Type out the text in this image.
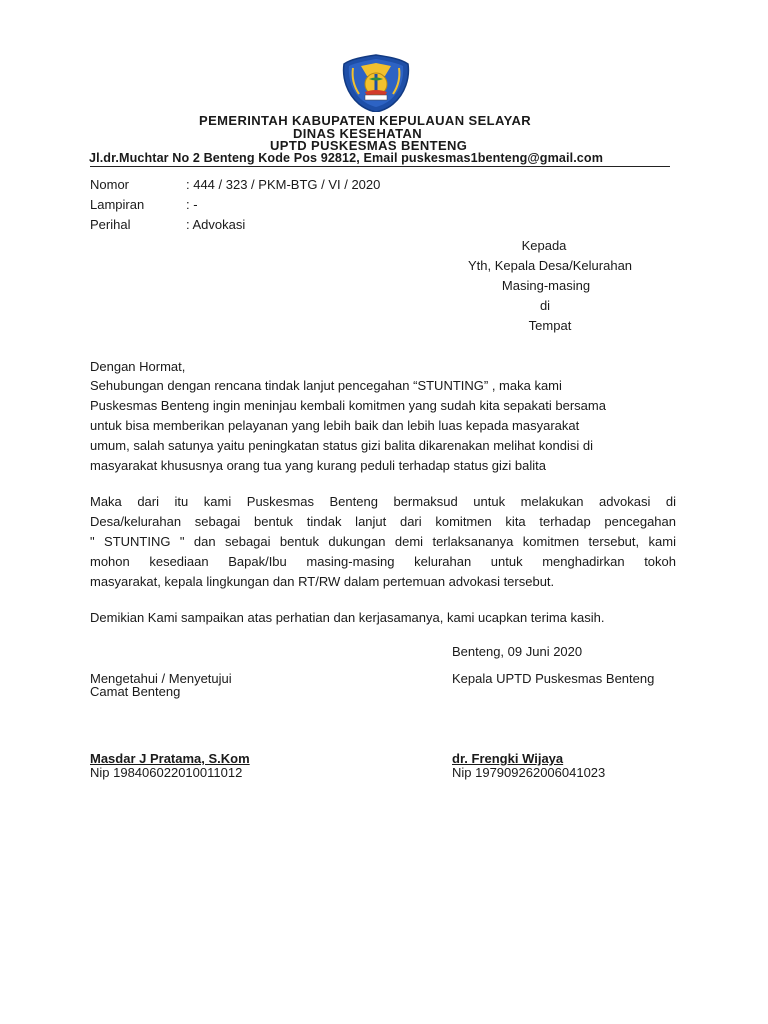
PEMERINTAH KABUPATEN KEPULAUAN SELAYAR
DINAS KESEHATAN
UPTD PUSKESMAS BENTENG
Jl.dr.Muchtar No 2 Benteng Kode Pos 92812, Email puskesmas1benteng@gmail.com
Nomor	: 444 / 323 / PKM-BTG / VI / 2020
Lampiran	: -
Perihal	: Advokasi
Kepada
Yth, Kepala Desa/Kelurahan
Masing-masing
di
Tempat
Dengan Hormat,
Sehubungan dengan rencana tindak lanjut pencegahan “STUNTING” , maka kami
Puskesmas Benteng ingin meninjau kembali komitmen yang sudah kita sepakati bersama
untuk bisa memberikan pelayanan yang lebih baik dan lebih luas kepada masyarakat
umum, salah satunya yaitu peningkatan status gizi balita dikarenakan melihat kondisi di
masyarakat khususnya orang tua yang kurang peduli terhadap status gizi balita
Maka dari itu kami Puskesmas Benteng bermaksud untuk melakukan advokasi di
Desa/kelurahan sebagai bentuk tindak lanjut dari komitmen kita terhadap pencegahan
" STUNTING " dan sebagai bentuk dukungan demi terlaksananya komitmen tersebut, kami
mohon kesediaan Bapak/Ibu masing-masing kelurahan untuk menghadirkan tokoh
masyarakat, kepala lingkungan dan RT/RW dalam pertemuan advokasi tersebut.
Demikian Kami sampaikan atas perhatian dan kerjasamanya, kami ucapkan terima kasih.
Benteng, 09 Juni 2020
Mengetahui / Menyetujui
Camat Benteng
Masdar J Pratama, S.Kom
Nip 198406022010011012
Kepala UPTD Puskesmas Benteng
dr. Frengki Wijaya
Nip 197909262006041023
